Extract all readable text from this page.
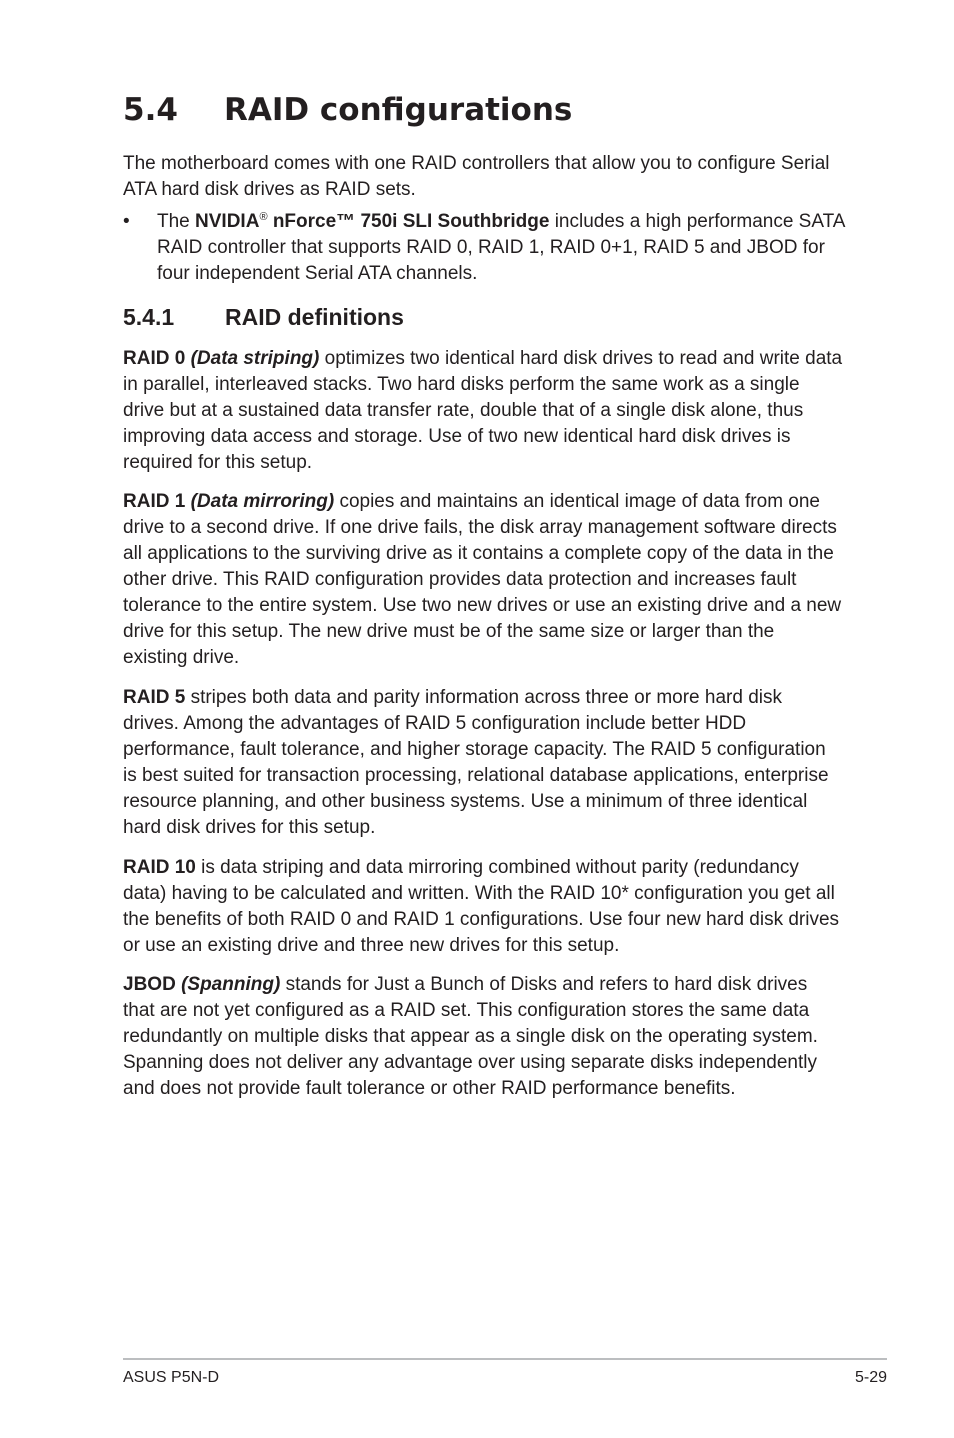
5.4 RAID configurations

The motherboard comes with one RAID controllers that allow you to configure Serial ATA hard disk drives as RAID sets.

•	The NVIDIA® nForce™ 750i SLI Southbridge includes a high performance SATA RAID controller that supports RAID 0, RAID 1, RAID 0+1, RAID 5 and JBOD for four independent Serial ATA channels.
5.4.1 RAID definitions

RAID 0 (Data striping) optimizes two identical hard disk drives to read and write data in parallel, interleaved stacks. Two hard disks perform the same work as a single drive but at a sustained data transfer rate, double that of a single disk alone, thus improving data access and storage. Use of two new identical hard disk drives is required for this setup.

RAID 1 (Data mirroring) copies and maintains an identical image of data from one drive to a second drive. If one drive fails, the disk array management software directs all applications to the surviving drive as it contains a complete copy of the data in the other drive. This RAID configuration provides data protection and increases fault tolerance to the entire system. Use two new drives or use an existing drive and a new drive for this setup. The new drive must be of the same size or larger than the existing drive.

RAID 5 stripes both data and parity information across three or more hard disk drives. Among the advantages of RAID 5 configuration include better HDD performance, fault tolerance, and higher storage capacity. The RAID 5 configuration is best suited for transaction processing, relational database applications, enterprise resource planning, and other business systems. Use a minimum of three identical hard disk drives for this setup.

RAID 10 is data striping and data mirroring combined without parity (redundancy data) having to be calculated and written. With the RAID 10* configuration you get all the benefits of both RAID 0 and RAID 1 configurations. Use four new hard disk drives or use an existing drive and three new drives for this setup.

JBOD (Spanning) stands for Just a Bunch of Disks and refers to hard disk drives that are not yet configured as a RAID set. This configuration stores the same data redundantly on multiple disks that appear as a single disk on the operating system. Spanning does not deliver any advantage over using separate disks independently and does not provide fault tolerance or other RAID performance benefits.

ASUS P5N-D	5-29
